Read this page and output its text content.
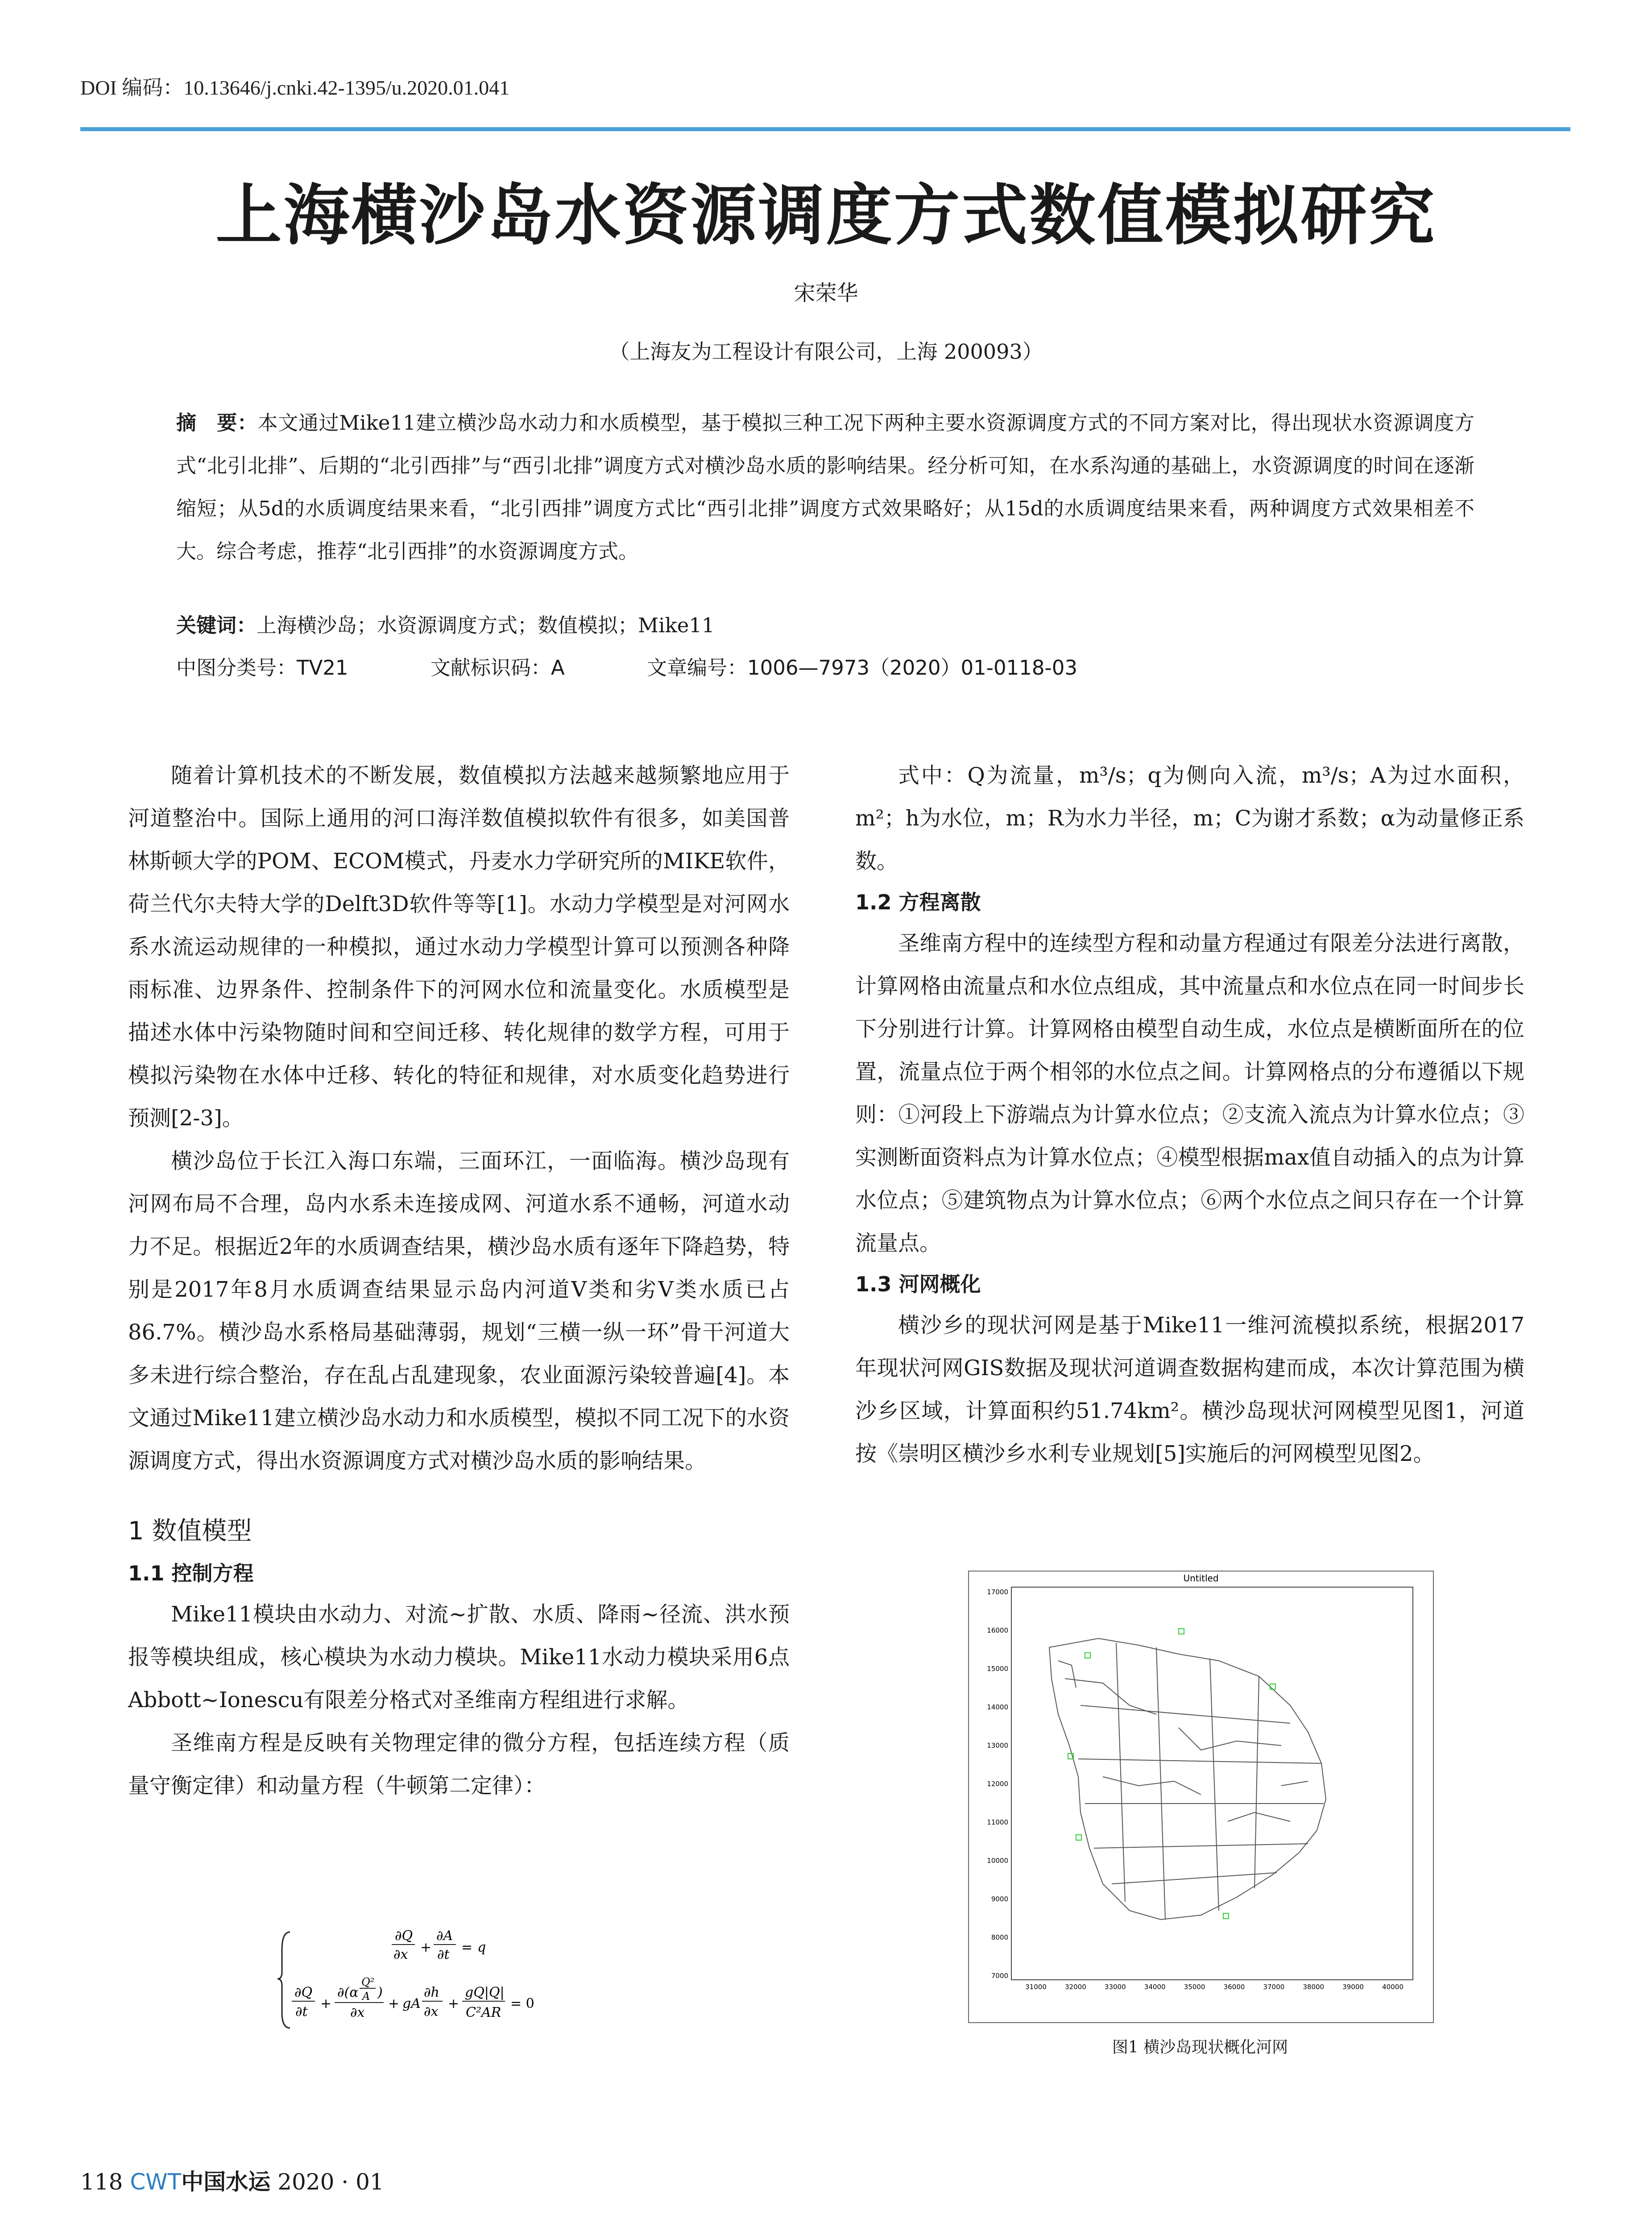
DOI 编码：10.13646/j.cnki.42-1395/u.2020.01.041
上海横沙岛水资源调度方式数值模拟研究
宋荣华
（上海友为工程设计有限公司，上海 200093）
摘　要：本文通过Mike11建立横沙岛水动力和水质模型，基于模拟三种工况下两种主要水资源调度方式的不同方案对比，得出现状水资源调度方式“北引北排”、后期的“北引西排”与“西引北排”调度方式对横沙岛水质的影响结果。经分析可知，在水系沟通的基础上，水资源调度的时间在逐渐缩短；从5d的水质调度结果来看，“北引西排”调度方式比“西引北排”调度方式效果略好；从15d的水质调度结果来看，两种调度方式效果相差不大。综合考虑，推荐“北引西排”的水资源调度方式。
关键词：上海横沙岛；水资源调度方式；数值模拟；Mike11
中图分类号：TV21	文献标识码：A	文章编号：1006—7973（2020）01-0118-03

随着计算机技术的不断发展，数值模拟方法越来越频繁地应用于河道整治中。国际上通用的河口海洋数值模拟软件有很多，如美国普林斯顿大学的POM、ECOM模式，丹麦水力学研究所的MIKE软件，荷兰代尔夫特大学的Delft3D软件等等[1]。水动力学模型是对河网水系水流运动规律的一种模拟，通过水动力学模型计算可以预测各种降雨标准、边界条件、控制条件下的河网水位和流量变化。水质模型是描述水体中污染物随时间和空间迁移、转化规律的数学方程，可用于模拟污染物在水体中迁移、转化的特征和规律，对水质变化趋势进行预测[2-3]。

横沙岛位于长江入海口东端，三面环江，一面临海。横沙岛现有河网布局不合理，岛内水系未连接成网、河道水系不通畅，河道水动力不足。根据近2年的水质调查结果，横沙岛水质有逐年下降趋势，特别是2017年8月水质调查结果显示岛内河道Ⅴ类和劣Ⅴ类水质已占86.7%。横沙岛水系格局基础薄弱，规划“三横一纵一环”骨干河道大多未进行综合整治，存在乱占乱建现象，农业面源污染较普遍[4]。本文通过Mike11建立横沙岛水动力和水质模型，模拟不同工况下的水资源调度方式，得出水资源调度方式对横沙岛水质的影响结果。

1 数值模型
1.1 控制方程

Mike11模块由水动力、对流~扩散、水质、降雨~径流、洪水预报等模块组成，核心模块为水动力模块。Mike11水动力模块采用6点Abbott~Ionescu有限差分格式对圣维南方程组进行求解。

圣维南方程是反映有关物理定律的微分方程，包括连续方程（质量守衡定律）和动量方程（牛顿第二定律）：

∂Q
∂x +
∂A
∂t = q
∂Q
∂t
+
∂(α
Q²
A )
∂x
+ gA
∂h
∂x
+
gQ|Q|
C²AR
= 0

式中：Q为流量，m³/s；q为侧向入流，m³/s；A为过水面积，m²；h为水位，m；R为水力半径，m；C为谢才系数；α为动量修正系数。

1.2 方程离散

圣维南方程中的连续型方程和动量方程通过有限差分法进行离散，计算网格由流量点和水位点组成，其中流量点和水位点在同一时间步长下分别进行计算。计算网格由模型自动生成，水位点是横断面所在的位置，流量点位于两个相邻的水位点之间。计算网格点的分布遵循以下规则：①河段上下游端点为计算水位点；②支流入流点为计算水位点；③实测断面资料点为计算水位点；④模型根据max值自动插入的点为计算水位点；⑤建筑物点为计算水位点；⑥两个水位点之间只存在一个计算流量点。

1.3 河网概化

横沙乡的现状河网是基于Mike11一维河流模拟系统，根据2017年现状河网GIS数据及现状河道调查数据构建而成，本次计算范围为横沙乡区域，计算面积约51.74km²。横沙岛现状河网模型见图1，河道按《崇明区横沙乡水利专业规划[5]实施后的河网模型见图2。

Untitled
17000
16000
15000
14000
13000
12000
11000
10000
9000
8000
7000
31000	32000	33000	34000	35000	36000	37000	38000	39000	40000
图1 横沙岛现状概化河网
118 CWT中国水运 2020 · 01
